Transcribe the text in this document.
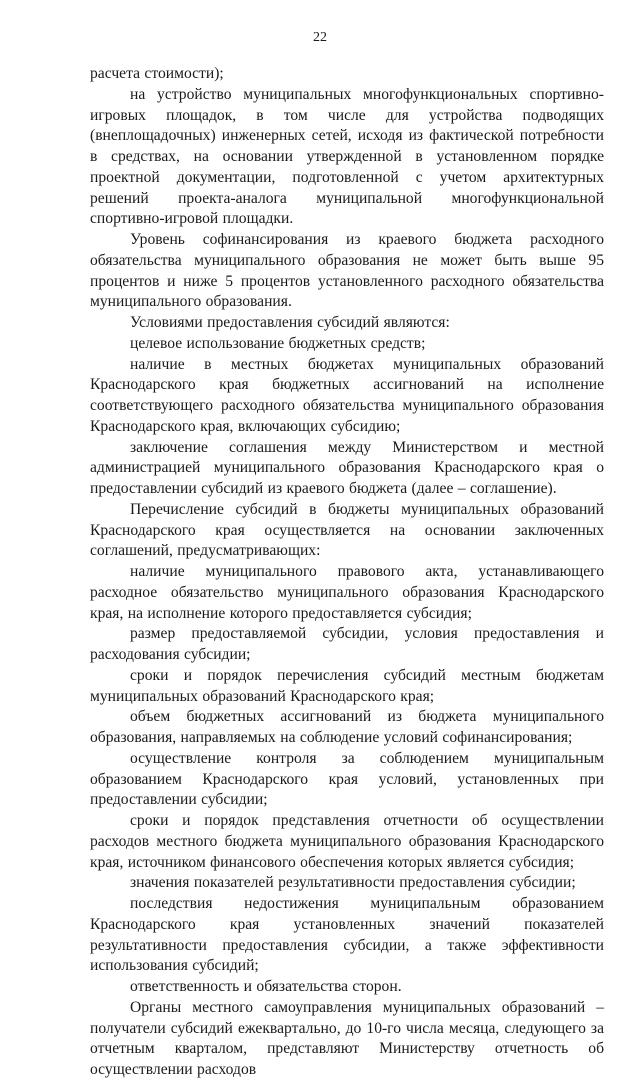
22

расчета стоимости);

на устройство муниципальных многофункциональных спортивно-игровых площадок, в том числе для устройства подводящих (внеплощадочных) инженерных сетей, исходя из фактической потребности в средствах, на основании утвержденной в установленном порядке проектной документации, подготовленной с учетом архитектурных решений проекта-аналога муниципальной многофункциональной спортивно-игровой площадки.

Уровень софинансирования из краевого бюджета расходного обязательства муниципального образования не может быть выше 95 процентов и ниже 5 процентов установленного расходного обязательства муниципального образования.

Условиями предоставления субсидий являются:

целевое использование бюджетных средств;

наличие в местных бюджетах муниципальных образований Краснодарского края бюджетных ассигнований на исполнение соответствующего расходного обязательства муниципального образования Краснодарского края, включающих субсидию;

заключение соглашения между Министерством и местной администрацией муниципального образования Краснодарского края о предоставлении субсидий из краевого бюджета (далее – соглашение).

Перечисление субсидий в бюджеты муниципальных образований Краснодарского края осуществляется на основании заключенных соглашений, предусматривающих:

наличие муниципального правового акта, устанавливающего расходное обязательство муниципального образования Краснодарского края, на исполнение которого предоставляется субсидия;

размер предоставляемой субсидии, условия предоставления и расходования субсидии;

сроки и порядок перечисления субсидий местным бюджетам муниципальных образований Краснодарского края;

объем бюджетных ассигнований из бюджета муниципального образования, направляемых на соблюдение условий софинансирования;

осуществление контроля за соблюдением муниципальным образованием Краснодарского края условий, установленных при предоставлении субсидии;

сроки и порядок представления отчетности об осуществлении расходов местного бюджета муниципального образования Краснодарского края, источником финансового обеспечения которых является субсидия;

значения показателей результативности предоставления субсидии;

последствия недостижения муниципальным образованием Краснодарского края установленных значений показателей результативности предоставления субсидии, а также эффективности использования субсидий;

ответственность и обязательства сторон.

Органы местного самоуправления муниципальных образований – получатели субсидий ежеквартально, до 10-го числа месяца, следующего за отчетным кварталом, представляют Министерству отчетность об осуществлении расходов
